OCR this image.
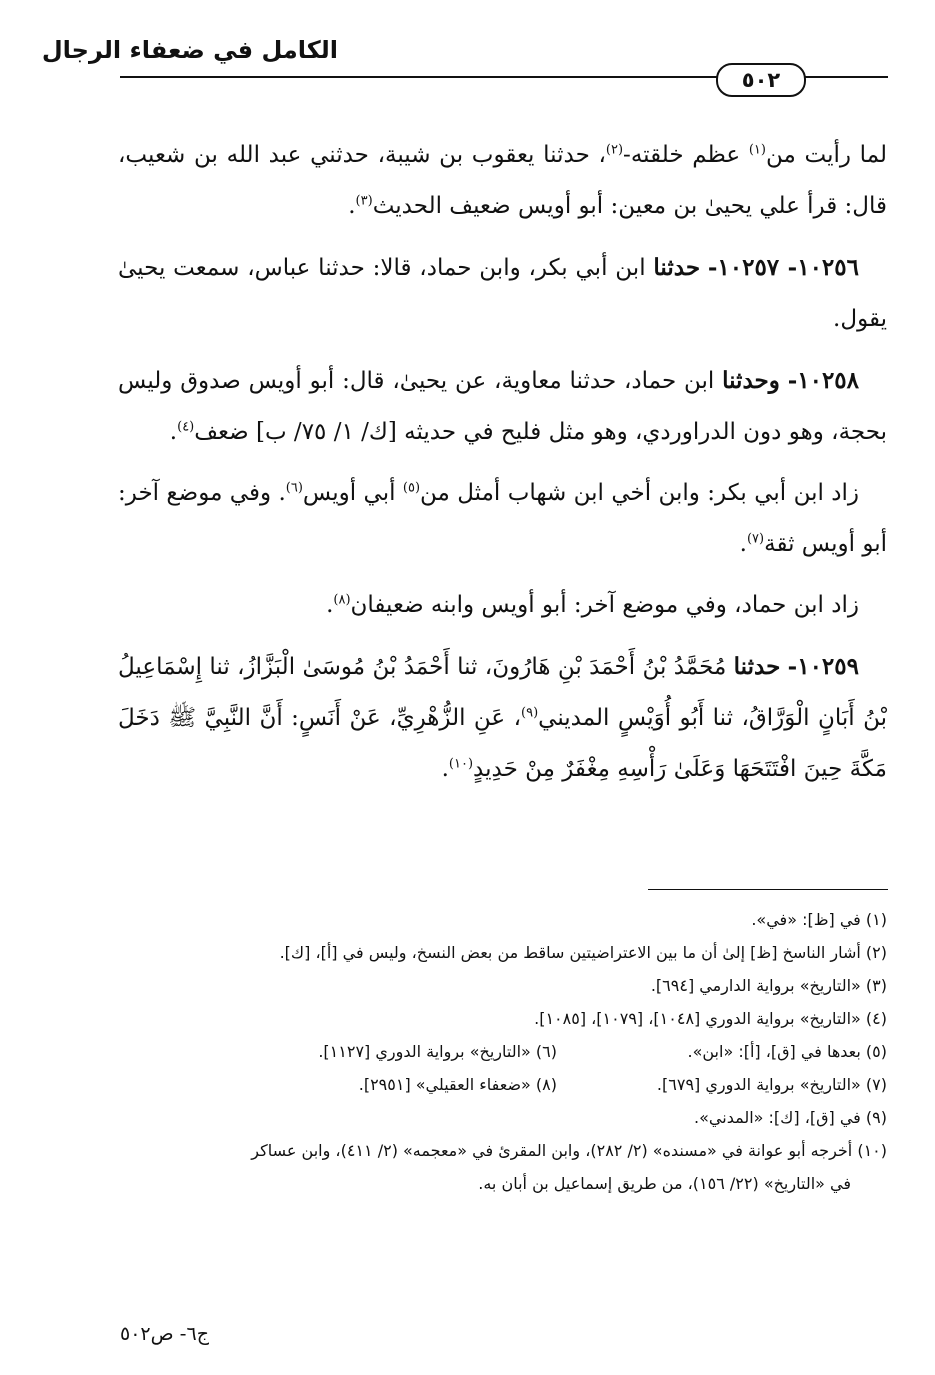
الكامل في ضعفاء الرجال
٥٠٢

لما رأيت من$^{(١)}$ عظم خلقته-$^{(٢)}$، حدثنا يعقوب بن شيبة، حدثني عبد الله بن شعيب، قال: قرأ علي يحيىٰ بن معين: أبو أويس ضعيف الحديث$^{(٣)}$.

١٠٢٥٦- ١٠٢٥٧- حدثنا ابن أبي بكر، وابن حماد، قالا: حدثنا عباس، سمعت يحيىٰ يقول.

١٠٢٥٨- وحدثنا ابن حماد، حدثنا معاوية، عن يحيىٰ، قال: أبو أويس صدوق وليس بحجة، وهو دون الدراوردي، وهو مثل فليح في حديثه [ك/ ١/ ٧٥/ ب] ضعف$^{(٤)}$.

زاد ابن أبي بكر: وابن أخي ابن شهاب أمثل من$^{(٥)}$ أبي أويس$^{(٦)}$. وفي موضع آخر: أبو أويس ثقة$^{(٧)}$.

زاد ابن حماد، وفي موضع آخر: أبو أويس وابنه ضعيفان$^{(٨)}$.

١٠٢٥٩- حدثنا مُحَمَّدُ بْنُ أَحْمَدَ بْنِ هَارُونَ، ثنا أَحْمَدُ بْنُ مُوسَىٰ الْبَزَّازُ، ثنا إِسْمَاعِيلُ بْنُ أَبَانٍ الْوَرَّاقُ، ثنا أَبُو أُوَيْسٍ المديني$^{(٩)}$، عَنِ الزُّهْرِيِّ، عَنْ أَنَسٍ: أَنَّ النَّبِيَّ ﷺ دَخَلَ مَكَّةَ حِينَ افْتَتَحَهَا وَعَلَىٰ رَأْسِهِ مِغْفَرٌ مِنْ حَدِيدٍ$^{(١٠)}$.

(١) في [ظ]: «في».

(٢) أشار الناسخ [ظ] إلىٰ أن ما بين الاعتراضيتين ساقط من بعض النسخ، وليس في [أ]، [ك].

(٣) «التاريخ» برواية الدارمي [٦٩٤].

(٤) «التاريخ» برواية الدوري [١٠٤٨]، [١٠٧٩]، [١٠٨٥].

(٥) بعدها في [ق]، [أ]: «ابن».
(٦) «التاريخ» برواية الدوري [١١٢٧].
(٧) «التاريخ» برواية الدوري [٦٧٩].
(٨) «ضعفاء العقيلي» [٢٩٥١].

(٩) في [ق]، [ك]: «المدني».

(١٠) أخرجه أبو عوانة في «مسنده» (٢/ ٢٨٢)، وابن المقرئ في «معجمه» (٢/ ٤١١)، وابن عساكر

في «التاريخ» (٢٢/ ١٥٦)، من طريق إسماعيل بن أبان به.

ج٦- ص٥٠٢
